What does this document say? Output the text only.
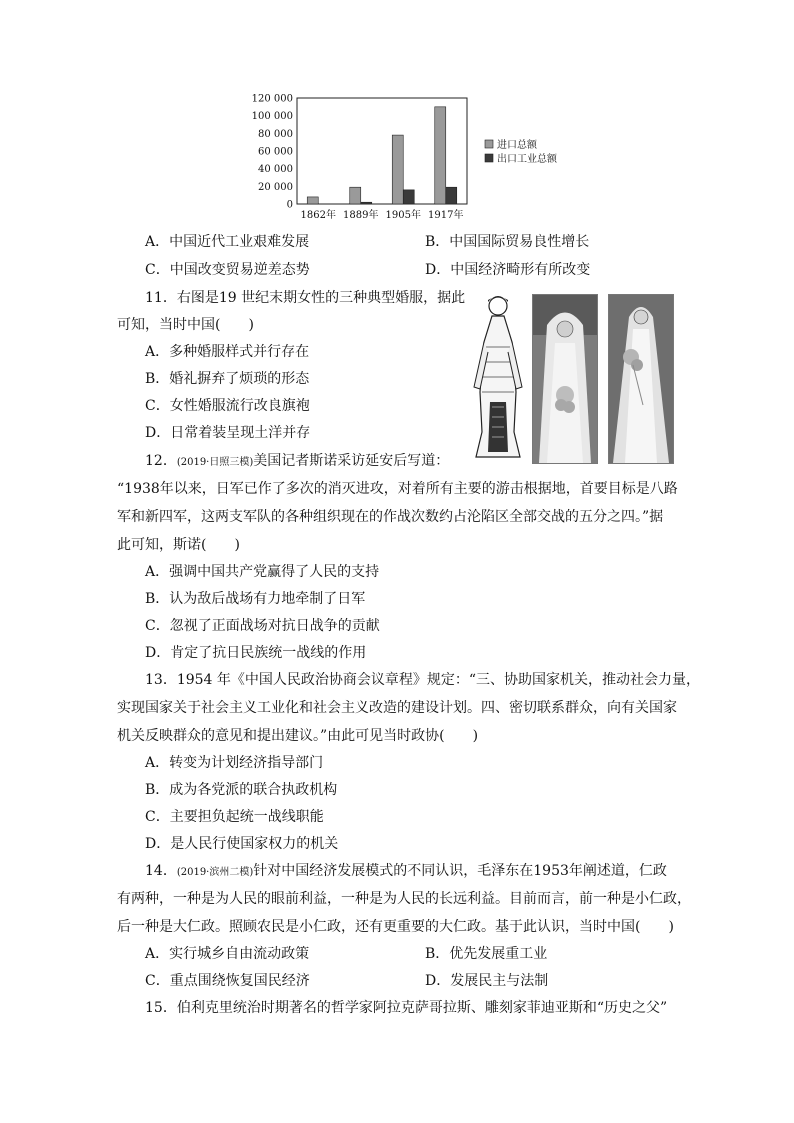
120 000
100 000
80 000
60 000
40 000
20 000
0
1862年 1889年 1905年 1917年
进口总额
出口工业总额
A．中国近代工业艰难发展	B．中国国际贸易良性增长
C．中国改变贸易逆差态势	D．中国经济畸形有所改变
11．右图是19 世纪末期女性的三种典型婚服，据此
可知，当时中国(　　)
A．多种婚服样式并行存在
B．婚礼摒弃了烦琐的形态
C．女性婚服流行改良旗袍
D．日常着装呈现土洋并存
12．(2019·日照三模)美国记者斯诺采访延安后写道：
“1938年以来，日军已作了多次的消灭进攻，对着所有主要的游击根据地，首要目标是八路
军和新四军，这两支军队的各种组织现在的作战次数约占沦陷区全部交战的五分之四。”据
此可知，斯诺(　　)
A．强调中国共产党赢得了人民的支持
B．认为敌后战场有力地牵制了日军
C．忽视了正面战场对抗日战争的贡献
D．肯定了抗日民族统一战线的作用
13．1954 年《中国人民政治协商会议章程》规定：“三、协助国家机关，推动社会力量，
实现国家关于社会主义工业化和社会主义改造的建设计划。四、密切联系群众，向有关国家
机关反映群众的意见和提出建议。”由此可见当时政协(　　)
A．转变为计划经济指导部门
B．成为各党派的联合执政机构
C．主要担负起统一战线职能
D．是人民行使国家权力的机关
14．(2019·滨州二模)针对中国经济发展模式的不同认识，毛泽东在1953年阐述道，仁政
有两种，一种是为人民的眼前利益，一种是为人民的长远利益。目前而言，前一种是小仁政，
后一种是大仁政。照顾农民是小仁政，还有更重要的大仁政。基于此认识，当时中国(　　)
A．实行城乡自由流动政策	B．优先发展重工业
C．重点围绕恢复国民经济	D．发展民主与法制
15．伯利克里统治时期著名的哲学家阿拉克萨哥拉斯、雕刻家菲迪亚斯和“历史之父”
